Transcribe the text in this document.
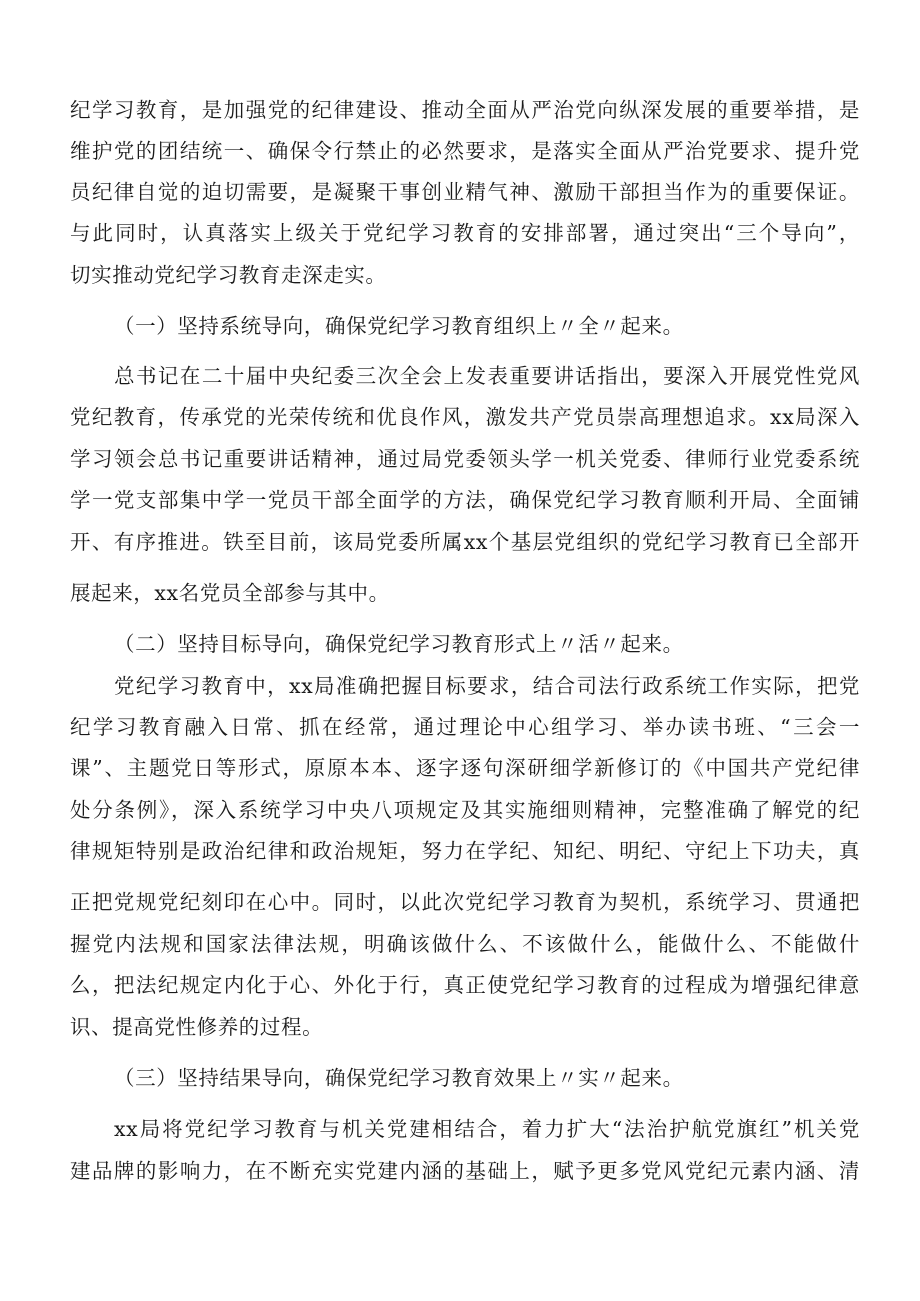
纪学习教育，是加强党的纪律建设、推动全面从严治党向纵深发展的重要举措，是
维护党的团结统一、确保令行禁止的必然要求，是落实全面从严治党要求、提升党
员纪律自觉的迫切需要，是凝聚干事创业精气神、激励干部担当作为的重要保证。
与此同时，认真落实上级关于党纪学习教育的安排部署，通过突出“三个导向”，
切实推动党纪学习教育走深走实。
（一）坚持系统导向，确保党纪学习教育组织上〃全〃起来。
总书记在二十届中央纪委三次全会上发表重要讲话指出，要深入开展党性党风
党纪教育，传承党的光荣传统和优良作风，激发共产党员崇高理想追求。xx局深入
学习领会总书记重要讲话精神，通过局党委领头学一机关党委、律师行业党委系统
学一党支部集中学一党员干部全面学的方法，确保党纪学习教育顺利开局、全面铺
开、有序推进。铁至目前，该局党委所属xx个基层党组织的党纪学习教育已全部开
展起来，xx名党员全部参与其中。
（二）坚持目标导向，确保党纪学习教育形式上〃活〃起来。
党纪学习教育中，xx局准确把握目标要求，结合司法行政系统工作实际，把党
纪学习教育融入日常、抓在经常，通过理论中心组学习、举办读书班、“三会一
课”、主题党日等形式，原原本本、逐字逐句深研细学新修订的《中国共产党纪律
处分条例》，深入系统学习中央八项规定及其实施细则精神，完整准确了解党的纪
律规矩特别是政治纪律和政治规矩，努力在学纪、知纪、明纪、守纪上下功夫，真
正把党规党纪刻印在心中。同时，以此次党纪学习教育为契机，系统学习、贯通把
握党内法规和国家法律法规，明确该做什么、不该做什么，能做什么、不能做什
么，把法纪规定内化于心、外化于行，真正使党纪学习教育的过程成为增强纪律意
识、提高党性修养的过程。
（三）坚持结果导向，确保党纪学习教育效果上〃实〃起来。
xx局将党纪学习教育与机关党建相结合，着力扩大“法治护航党旗红”机关党
建品牌的影响力，在不断充实党建内涵的基础上，赋予更多党风党纪元素内涵、清
